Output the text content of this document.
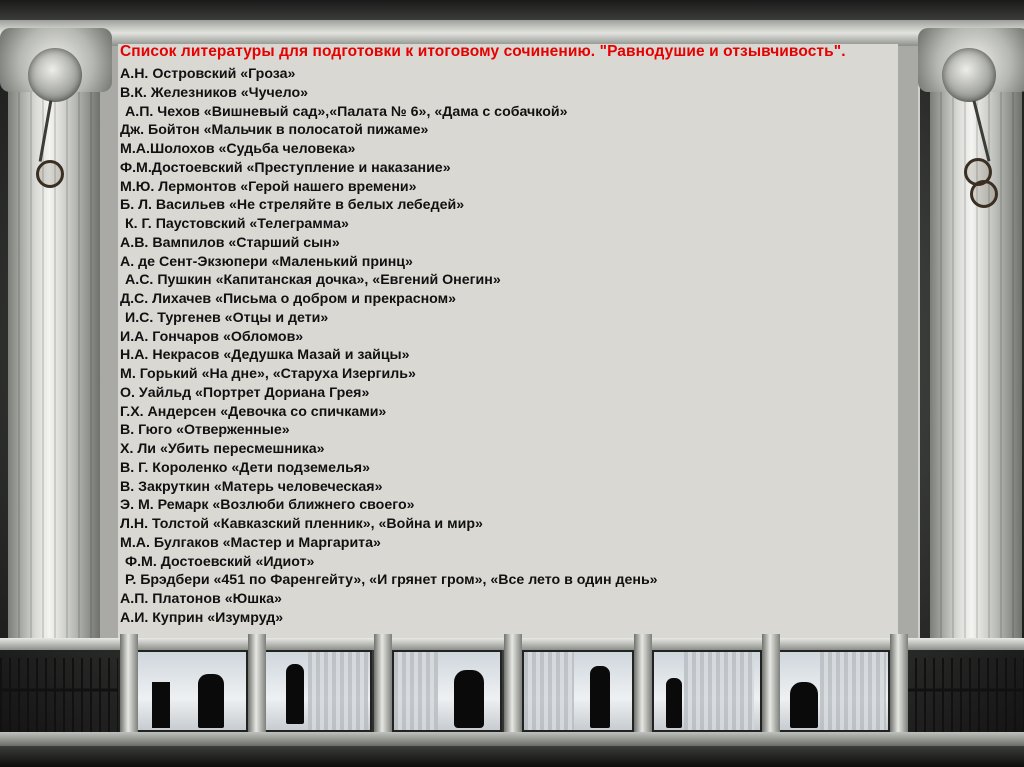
Список литературы для подготовки к итоговому сочинению. "Равнодушие и отзывчивость".

А.Н. Островский «Гроза»
В.К. Железников «Чучело»
А.П. Чехов «Вишневый сад»,«Палата № 6», «Дама с собачкой»
Дж. Бойтон «Мальчик в полосатой пижаме»
М.А.Шолохов «Судьба человека»
Ф.М.Достоевский «Преступление и наказание»
М.Ю. Лермонтов «Герой нашего времени»
Б. Л. Васильев «Не стреляйте в белых лебедей»
К. Г. Паустовский «Телеграмма»
А.В. Вампилов «Старший сын»
А. де Сент-Экзюпери «Маленький принц»
А.С. Пушкин «Капитанская дочка», «Евгений Онегин»
Д.С. Лихачев «Письма о добром и прекрасном»
И.С. Тургенев «Отцы и дети»
И.А. Гончаров «Обломов»
Н.А. Некрасов «Дедушка Мазай и зайцы»
М. Горький «На дне», «Старуха Изергиль»
О. Уайльд «Портрет Дориана Грея»
Г.Х. Андерсен «Девочка со спичками»
В. Гюго «Отверженные»
Х. Ли «Убить пересмешника»
В. Г. Короленко «Дети подземелья»
В. Закруткин «Матерь человеческая»
Э. М. Ремарк «Возлюби ближнего своего»
Л.Н. Толстой «Кавказский пленник», «Война и мир»
М.А. Булгаков «Мастер и Маргарита»
Ф.М. Достоевский «Идиот»
Р. Брэдбери «451 по Фаренгейту», «И грянет гром», «Все лето в один день»
А.П. Платонов «Юшка»
А.И. Куприн «Изумруд»
